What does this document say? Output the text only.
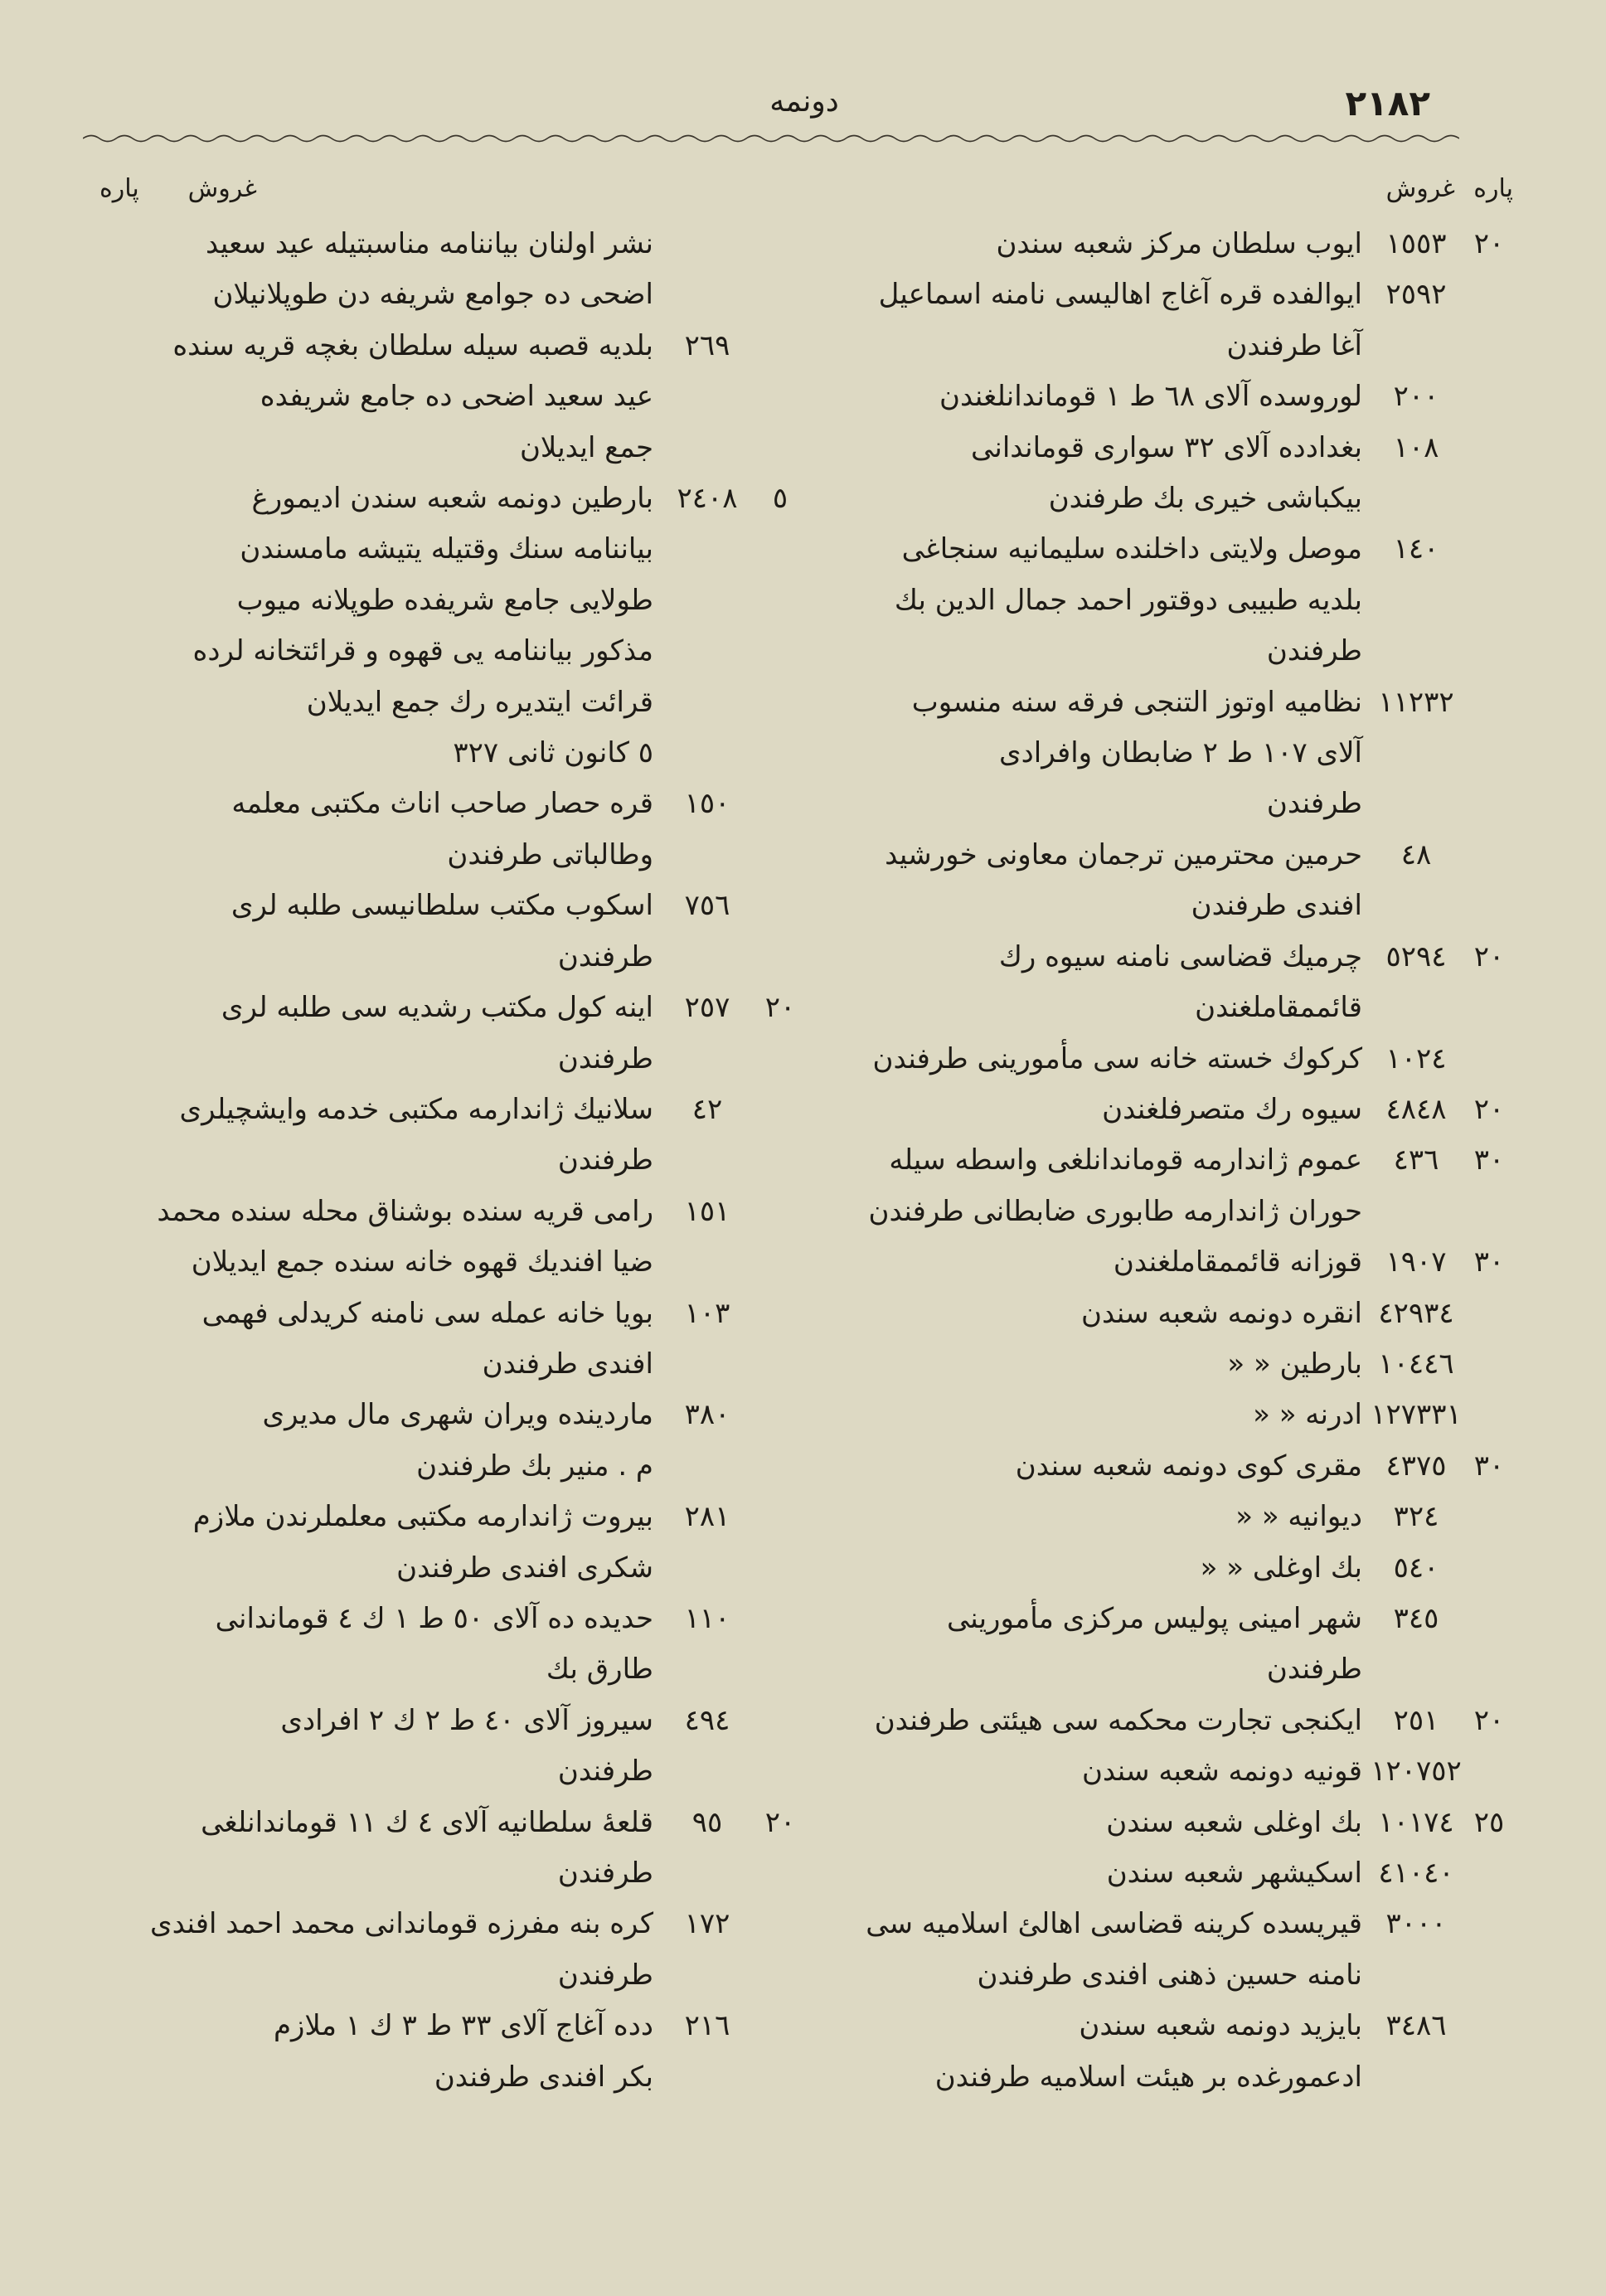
٢١٨٢
دونمه
پاره
غروش
٢٠
١٥٥٣
ايوب سلطان مركز شعبه سندن
٢٥٩٢
ايوالفده قره آغاج اهاليسى نامنه اسماعيل
آغا طرفندن
٢٠٠
لوروسده آلاى ٦٨ ط ١ قوماندانلغندن
١٠٨
بغدادده آلاى ٣٢ سوارى قوماندانى
بيكباشى خيرى بك طرفندن
١٤٠
موصل ولايتى داخلنده سليمانيه سنجاغى
بلديه طبيبى دوقتور احمد جمال الدين بك
طرفندن
١١٢٣٢
نظاميه اوتوز التنجى فرقه سنه منسوب
آلاى ١٠٧ ط ٢ ضابطان وافرادى
طرفندن
٤٨
حرمين محترمين ترجمان معاونى خورشيد
افندى طرفندن
٢٠
٥٢٩٤
چرميك قضاسى نامنه سيوه رك
قائممقاملغندن
١٠٢٤
كركوك خسته خانه سى مأمورينى طرفندن
٢٠
٤٨٤٨
سيوه رك متصرفلغندن
٣٠
٤٣٦
عموم ژاندارمه قوماندانلغى واسطه سيله
حوران ژاندارمه طابورى ضابطانى طرفندن
٣٠
١٩٠٧
قوزانه قائممقاملغندن
٤٢٩٣٤
انقره دونمه شعبه سندن
١٠٤٤٦
بارطين « «
١٢٧٣٣١
ادرنه « «
٣٠
٤٣٧٥
مقرى كوى دونمه شعبه سندن
٣٢٤
ديوانيه « «
٥٤٠
بك اوغلى « «
٣٤٥
شهر امينى پوليس مركزى مأمورينى
طرفندن
٢٠
٢٥١
ايكنجى تجارت محكمه سى هيئتى طرفندن
١٢٠٧٥٢
قونيه دونمه شعبه سندن
٢٥
١٠١٧٤
بك اوغلى شعبه سندن
٤١٠٤٠
اسكيشهر شعبه سندن
٣٠٠٠
قيريسده كرينه قضاسى اهالئ اسلاميه سى
نامنه حسين ذهنى افندى طرفندن
٣٤٨٦
بايزيد دونمه شعبه سندن
ادعمورغده بر هيئت اسلاميه طرفندن
پاره غروش
نشر اولنان بياننامه مناسبتيله عيد سعيد
اضحى ده جوامع شريفه دن طوپلانيلان
٢٦٩
بلديه قصبه سيله سلطان بغچه قريه سنده
عيد سعيد اضحى ده جامع شريفده
جمع ايديلان
٥
٢٤٠٨
بارطين دونمه شعبه سندن اديمورغ
بياننامه سنك وقتيله يتيشه مامسندن
طولايى جامع شريفده طوپلانه ميوب
مذكور بياننامه يى قهوه و قرائتخانه لرده
قرائت ايتديره رك جمع ايديلان
٥ كانون ثانى ٣٢٧
١٥٠
قره حصار صاحب اناث مكتبى معلمه
وطالباتى طرفندن
٧٥٦
اسكوب مكتب سلطانيسى طلبه لرى
طرفندن
٢٠
٢٥٧
اينه كول مكتب رشديه سى طلبه لرى
طرفندن
٤٢
سلانيك ژاندارمه مكتبى خدمه وايشچيلرى
طرفندن
١٥١
رامى قريه سنده بوشناق محله سنده محمد
ضيا افنديك قهوه خانه سنده جمع ايديلان
١٠٣
بويا خانه عمله سى نامنه كريدلى فهمى
افندى طرفندن
٣٨٠
ماردينده ويران شهرى مال مديرى
م . منير بك طرفندن
٢٨١
بيروت ژاندارمه مكتبى معلملرندن ملازم
شكرى افندى طرفندن
١١٠
حديده ده آلاى ٥٠ ط ١ ك ٤ قوماندانى
طارق بك
٤٩٤
سيروز آلاى ٤٠ ط ٢ ك ٢ افرادى
طرفندن
٢٠
٩٥
قلعهٔ سلطانيه آلاى ٤ ك ١١ قوماندانلغى
طرفندن
١٧٢
كره بنه مفرزه قوماندانى محمد احمد افندى
طرفندن
٢١٦
دده آغاج آلاى ٣٣ ط ٣ ك ١ ملازم
بكر افندى طرفندن
